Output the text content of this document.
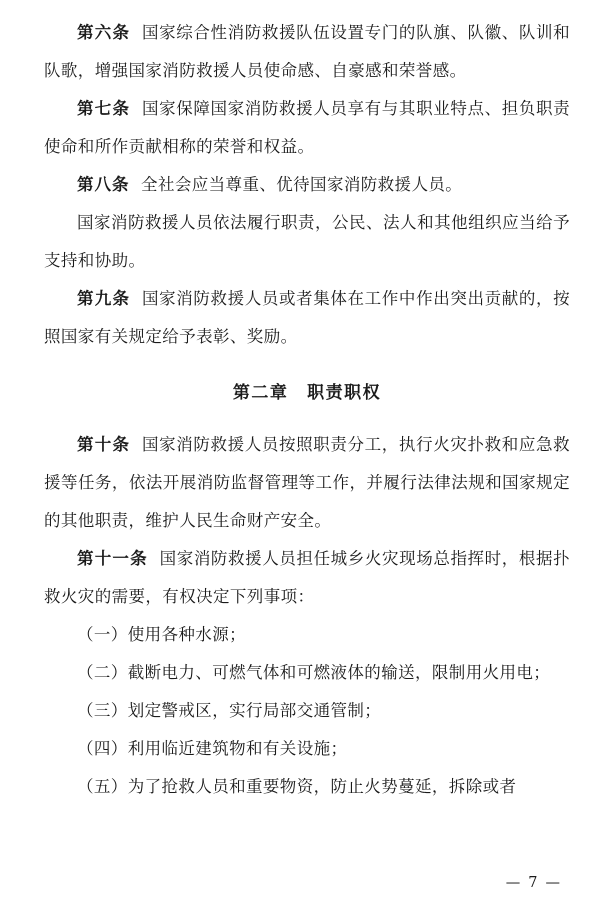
第六条 国家综合性消防救援队伍设置专门的队旗、队徽、队训和队歌，增强国家消防救援人员使命感、自豪感和荣誉感。

第七条 国家保障国家消防救援人员享有与其职业特点、担负职责使命和所作贡献相称的荣誉和权益。

第八条 全社会应当尊重、优待国家消防救援人员。

国家消防救援人员依法履行职责，公民、法人和其他组织应当给予支持和协助。

第九条 国家消防救援人员或者集体在工作中作出突出贡献的，按照国家有关规定给予表彰、奖励。

第二章 职责职权

第十条 国家消防救援人员按照职责分工，执行火灾扑救和应急救援等任务，依法开展消防监督管理等工作，并履行法律法规和国家规定的其他职责，维护人民生命财产安全。

第十一条 国家消防救援人员担任城乡火灾现场总指挥时，根据扑救火灾的需要，有权决定下列事项：

（一）使用各种水源；

（二）截断电力、可燃气体和可燃液体的输送，限制用火用电；

（三）划定警戒区，实行局部交通管制；

（四）利用临近建筑物和有关设施；

（五）为了抢救人员和重要物资，防止火势蔓延，拆除或者

— 7 —
